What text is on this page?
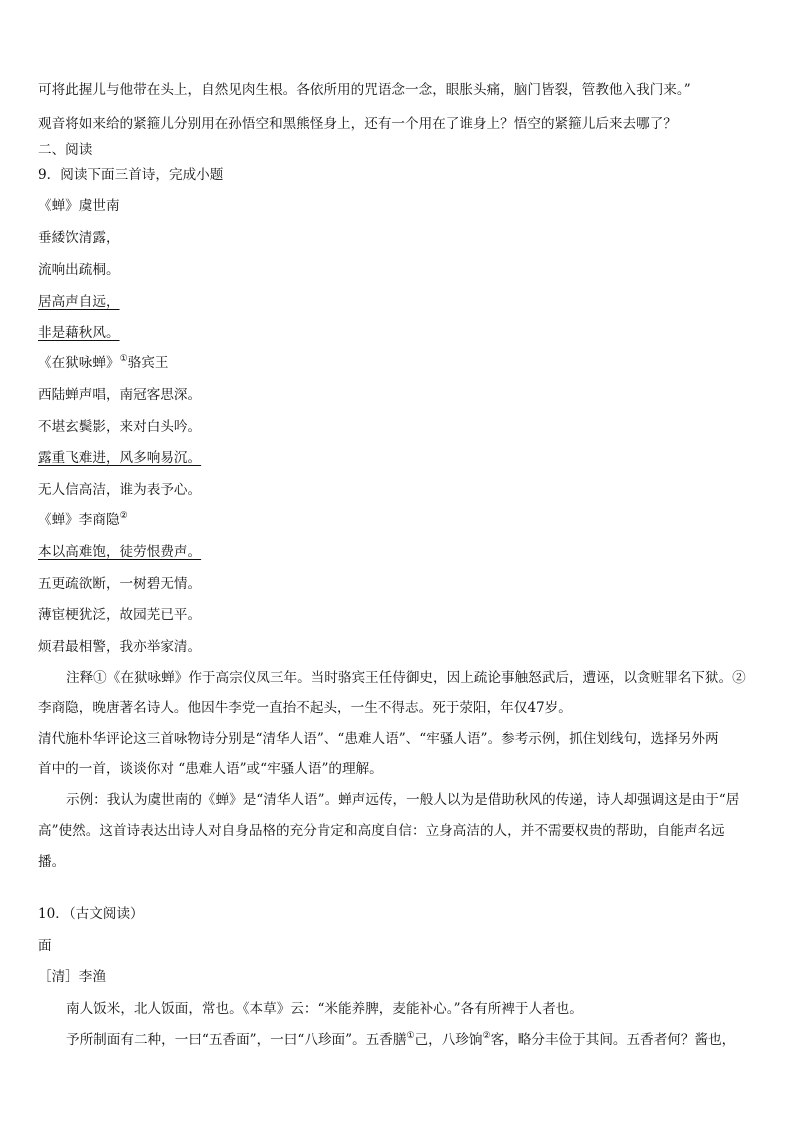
可将此握儿与他带在头上，自然见肉生根。各依所用的咒语念一念，眼胀头痛，脑门皆裂，管教他入我门来。”
观音将如来给的紧箍儿分别用在孙悟空和黑熊怪身上，还有一个用在了谁身上？悟空的紧箍儿后来去哪了？
二、阅读
9．阅读下面三首诗，完成小题
《蝉》虞世南
垂緌饮清露，
流响出疏桐。
居高声自远，
非是藉秋风。
《在狱咏蝉》①骆宾王
西陆蝉声唱，南冠客思深。
不堪玄鬓影，来对白头吟。
露重飞难进，风多响易沉。
无人信高洁，谁为表予心。
《蝉》李商隐②
本以高难饱，徒劳恨费声。
五更疏欲断，一树碧无情。
薄宦梗犹泛，故园芜已平。
烦君最相警，我亦举家清。
注释①《在狱咏蝉》作于高宗仪凤三年。当时骆宾王任侍御史，因上疏论事触怒武后，遭诬，以贪赃罪名下狱。②
李商隐，晚唐著名诗人。他因牛李党一直抬不起头，一生不得志。死于荥阳，年仅47岁。
清代施朴华评论这三首咏物诗分别是“清华人语”、“患难人语”、“牢骚人语”。参考示例，抓住划线句，选择另外两
首中的一首，谈谈你对 “患难人语”或“牢骚人语”的理解。
示例：我认为虞世南的《蝉》是“清华人语”。蝉声远传，一般人以为是借助秋风的传递，诗人却强调这是由于“居
高”使然。这首诗表达出诗人对自身品格的充分肯定和高度自信：立身高洁的人，并不需要权贵的帮助，自能声名远
播。
10．（古文阅读）
面
［清］李渔
南人饭米，北人饭面，常也。《本草》云：“米能养脾，麦能补心。”各有所裨于人者也。
予所制面有二种，一曰“五香面”，一曰“八珍面”。五香膳①己，八珍饷②客，略分丰俭于其间。五香者何？酱也，
